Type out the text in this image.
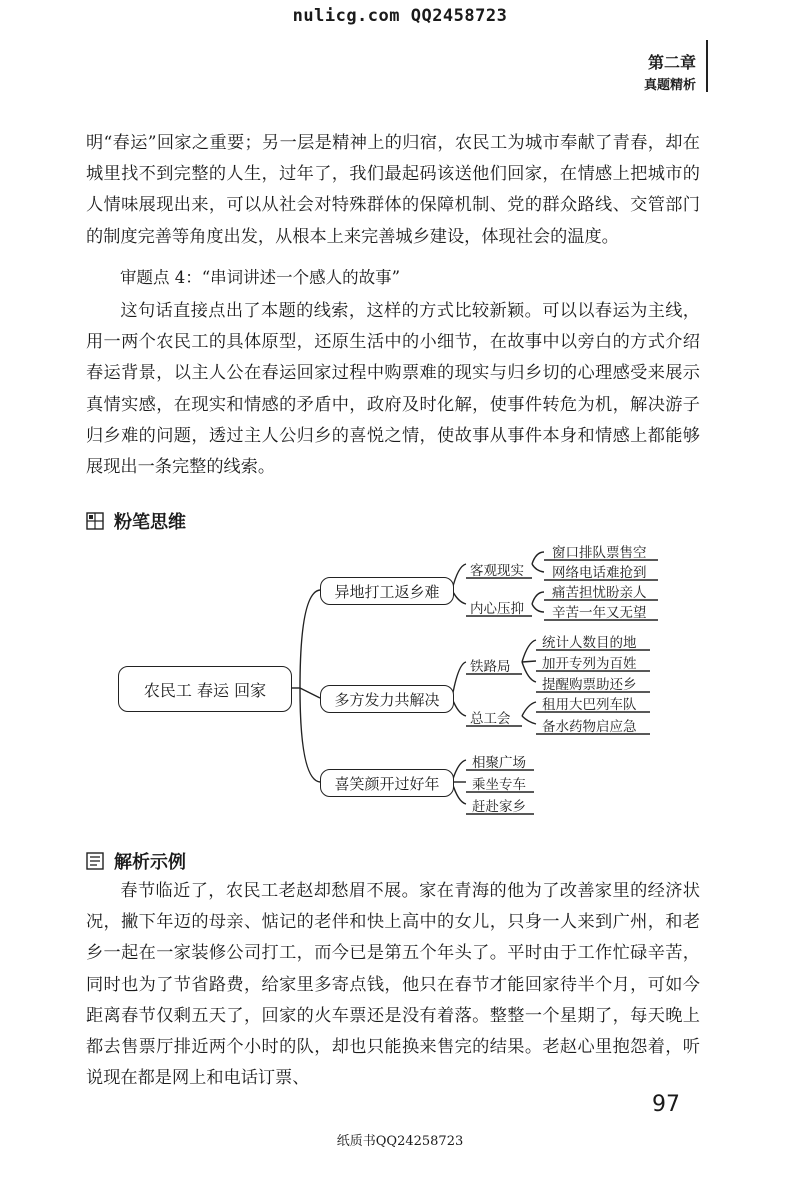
nulicg.com QQ2458723
第二章
真题精析

明“春运”回家之重要；另一层是精神上的归宿，农民工为城市奉献了青春，却在城里找不到完整的人生，过年了，我们最起码该送他们回家，在情感上把城市的人情味展现出来，可以从社会对特殊群体的保障机制、党的群众路线、交管部门的制度完善等角度出发，从根本上来完善城乡建设，体现社会的温度。

审题点 4：“串词讲述一个感人的故事”

这句话直接点出了本题的线索，这样的方式比较新颖。可以以春运为主线，用一两个农民工的具体原型，还原生活中的小细节，在故事中以旁白的方式介绍春运背景，以主人公在春运回家过程中购票难的现实与归乡切的心理感受来展示真情实感，在现实和情感的矛盾中，政府及时化解，使事件转危为机，解决游子归乡难的问题，透过主人公归乡的喜悦之情，使故事从事件本身和情感上都能够展现出一条完整的线索。

粉笔思维
农民工 春运 回家
异地打工返乡难
多方发力共解决
喜笑颜开过好年
客观现实
内心压抑
铁路局
总工会
窗口排队票售空
网络电话难抢到
痛苦担忧盼亲人
辛苦一年又无望
统计人数目的地
加开专列为百姓
提醒购票助还乡
租用大巴列车队
备水药物启应急
相聚广场
乘坐专车
赶赴家乡
解析示例

春节临近了，农民工老赵却愁眉不展。家在青海的他为了改善家里的经济状况，撇下年迈的母亲、惦记的老伴和快上高中的女儿，只身一人来到广州，和老乡一起在一家装修公司打工，而今已是第五个年头了。平时由于工作忙碌辛苦，同时也为了节省路费，给家里多寄点钱，他只在春节才能回家待半个月，可如今距离春节仅剩五天了，回家的火车票还是没有着落。整整一个星期了，每天晚上都去售票厅排近两个小时的队，却也只能换来售完的结果。老赵心里抱怨着，听说现在都是网上和电话订票、

97
纸质书QQ24258723
